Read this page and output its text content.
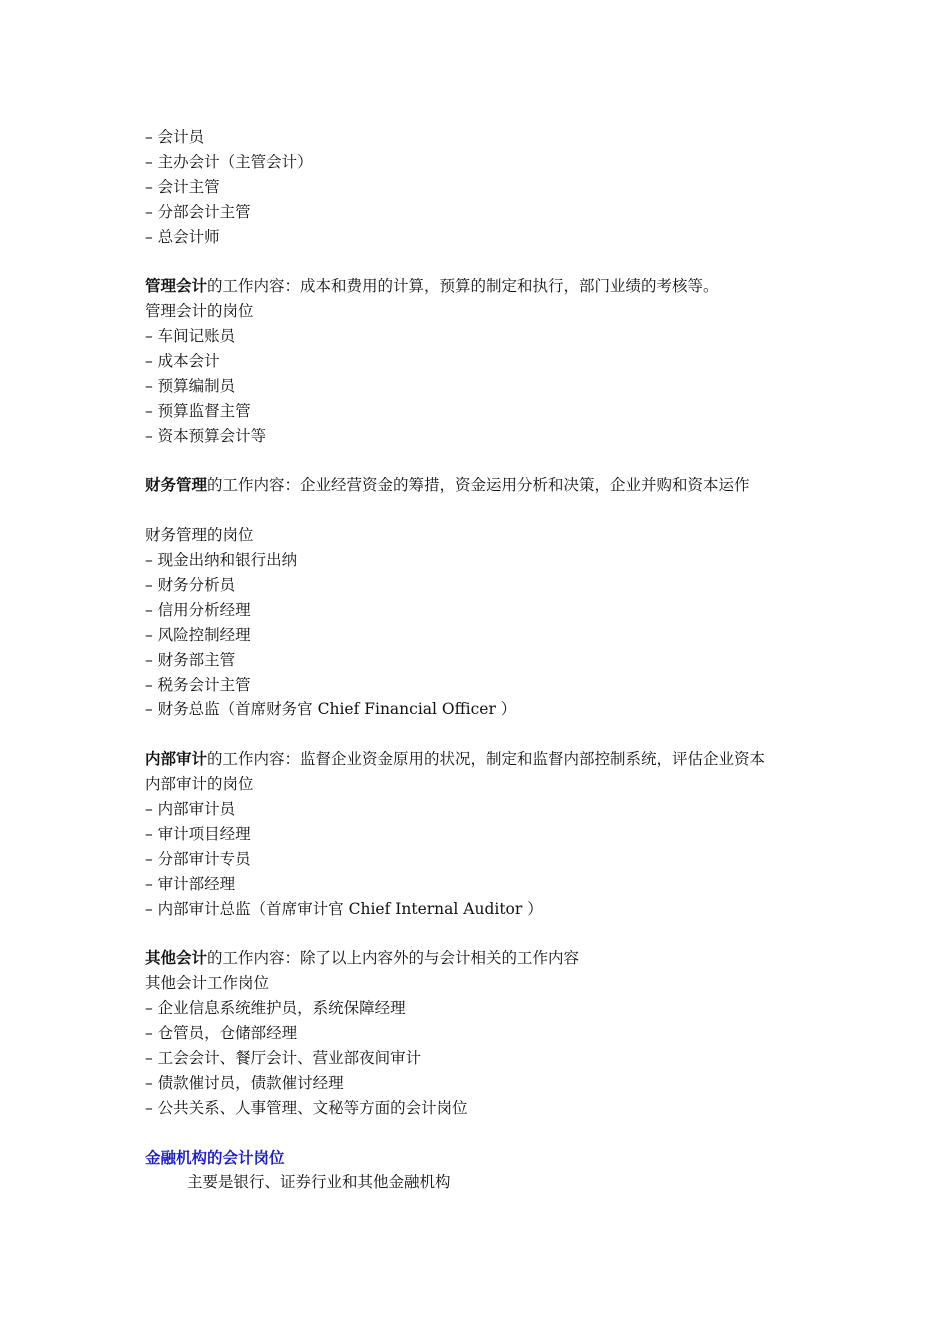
– 会计员
– 主办会计（主管会计）
– 会计主管
– 分部会计主管
– 总会计师
管理会计的工作内容：成本和费用的计算，预算的制定和执行，部门业绩的考核等。
管理会计的岗位
– 车间记账员
– 成本会计
– 预算编制员
– 预算监督主管
– 资本预算会计等
财务管理的工作内容：企业经营资金的筹措，资金运用分析和决策，企业并购和资本运作
财务管理的岗位
– 现金出纳和银行出纳
– 财务分析员
– 信用分析经理
– 风险控制经理
– 财务部主管
– 税务会计主管
– 财务总监（首席财务官 Chief Financial Officer ）
内部审计的工作内容：监督企业资金原用的状况，制定和监督内部控制系统，评估企业资本
内部审计的岗位
– 内部审计员
– 审计项目经理
– 分部审计专员
– 审计部经理
– 内部审计总监（首席审计官 Chief Internal Auditor ）
其他会计的工作内容：除了以上内容外的与会计相关的工作内容
其他会计工作岗位
– 企业信息系统维护员，系统保障经理
– 仓管员，仓储部经理
– 工会会计、餐厅会计、营业部夜间审计
– 债款催讨员，债款催讨经理
– 公共关系、人事管理、文秘等方面的会计岗位
金融机构的会计岗位
主要是银行、证券行业和其他金融机构
